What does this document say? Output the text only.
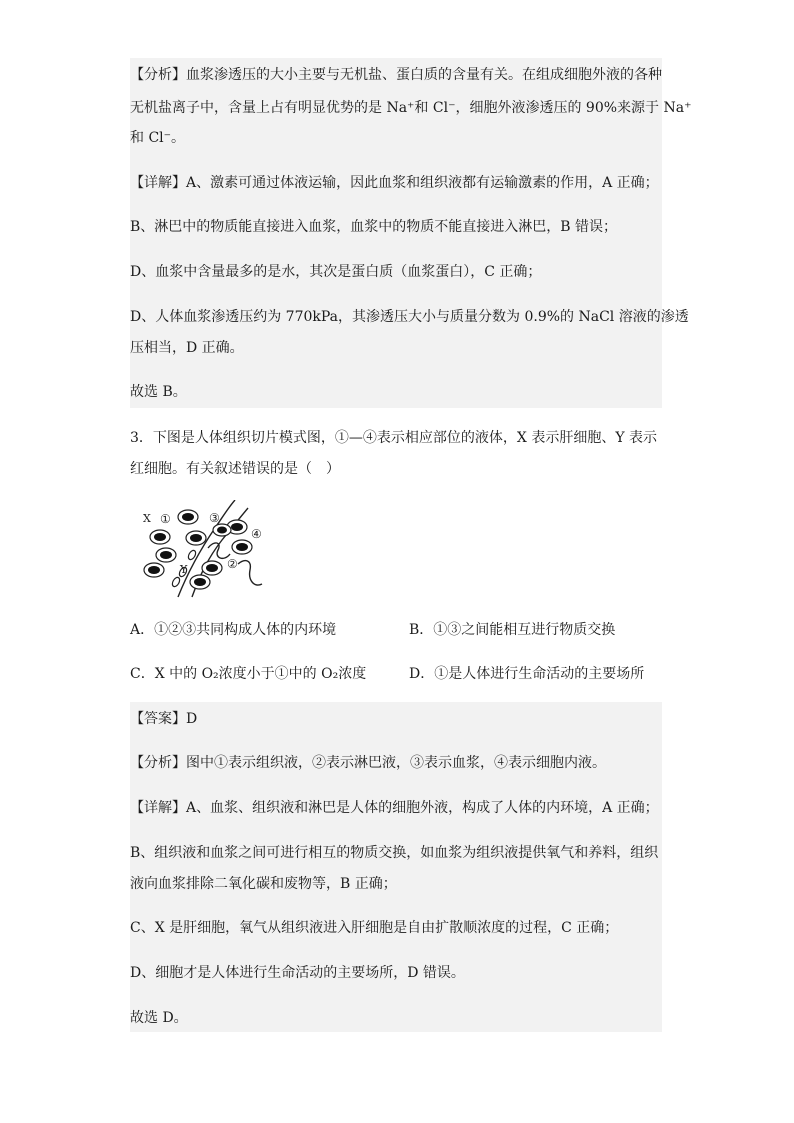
【分析】血浆渗透压的大小主要与无机盐、蛋白质的含量有关。在组成细胞外液的各种
无机盐离子中，含量上占有明显优势的是 Na⁺和 Cl⁻，细胞外液渗透压的 90%来源于 Na⁺
和 Cl⁻。
【详解】A、激素可通过体液运输，因此血浆和组织液都有运输激素的作用，A 正确；
B、淋巴中的物质能直接进入血浆，血浆中的物质不能直接进入淋巴，B 错误；
D、血浆中含量最多的是水，其次是蛋白质（血浆蛋白），C 正确；
D、人体血浆渗透压约为 770kPa，其渗透压大小与质量分数为 0.9%的 NaCl 溶液的渗透
压相当，D 正确。
故选 B。
3．下图是人体组织切片模式图，①—④表示相应部位的液体，X 表示肝细胞、Y 表示
红细胞。有关叙述错误的是（　）
X ①	③
④
Y	②
A．①②③共同构成人体的内环境	B．①③之间能相互进行物质交换
C．X 中的 O₂浓度小于①中的 O₂浓度	D．①是人体进行生命活动的主要场所
【答案】D
【分析】图中①表示组织液，②表示淋巴液，③表示血浆，④表示细胞内液。
【详解】A、血浆、组织液和淋巴是人体的细胞外液，构成了人体的内环境，A 正确；
B、组织液和血浆之间可进行相互的物质交换，如血浆为组织液提供氧气和养料，组织
液向血浆排除二氧化碳和废物等，B 正确；
C、X 是肝细胞，氧气从组织液进入肝细胞是自由扩散顺浓度的过程，C 正确；
D、细胞才是人体进行生命活动的主要场所，D 错误。
故选 D。
